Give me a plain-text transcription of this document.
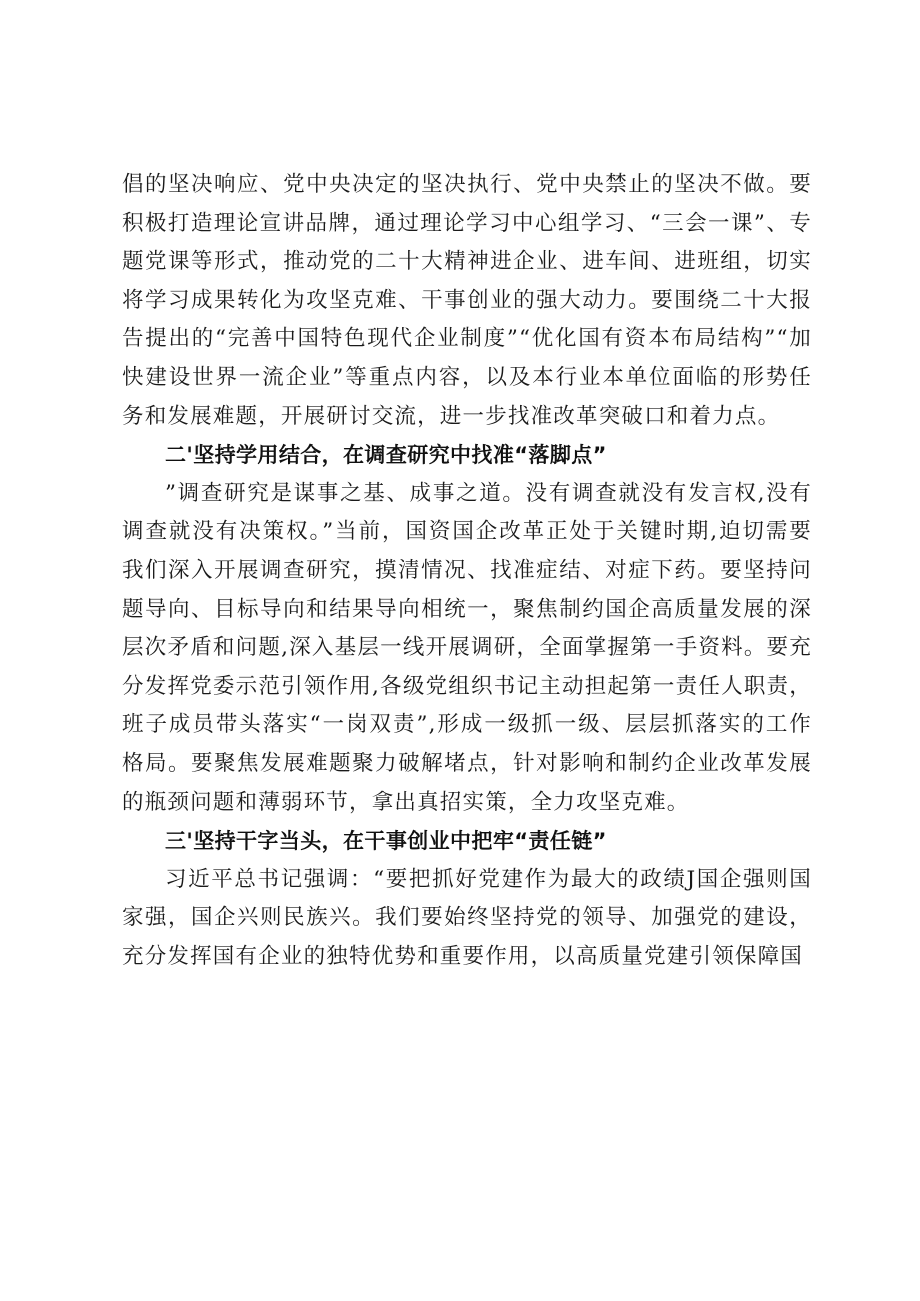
倡的坚决响应、党中央决定的坚决执行、党中央禁止的坚决不做。要积极打造理论宣讲品牌，通过理论学习中心组学习、“三会一课”、专题党课等形式，推动党的二十大精神进企业、进车间、进班组，切实将学习成果转化为攻坚克难、干事创业的强大动力。要围绕二十大报告提出的“完善中国特色现代企业制度”“优化国有资本布局结构”“加快建设世界一流企业”等重点内容，以及本行业本单位面临的形势任务和发展难题，开展研讨交流，进一步找准改革突破口和着力点。

二'坚持学用结合，在调查研究中找准“落脚点”

”调查研究是谋事之基、成事之道。没有调查就没有发言权,没有调查就没有决策权。”当前，国资国企改革正处于关键时期,迫切需要我们深入开展调查研究，摸清情况、找准症结、对症下药。要坚持问题导向、目标导向和结果导向相统一，聚焦制约国企高质量发展的深层次矛盾和问题,深入基层一线开展调研，全面掌握第一手资料。要充分发挥党委示范引领作用,各级党组织书记主动担起第一责任人职责，班子成员带头落实“一岗双责”,形成一级抓一级、层层抓落实的工作格局。要聚焦发展难题聚力破解堵点，针对影响和制约企业改革发展的瓶颈问题和薄弱环节，拿出真招实策，全力攻坚克难。

三'坚持干字当头，在干事创业中把牢“责任链”

习近平总书记强调：“要把抓好党建作为最大的政绩J国企强则国家强，国企兴则民族兴。我们要始终坚持党的领导、加强党的建设，充分发挥国有企业的独特优势和重要作用，以高质量党建引领保障国
